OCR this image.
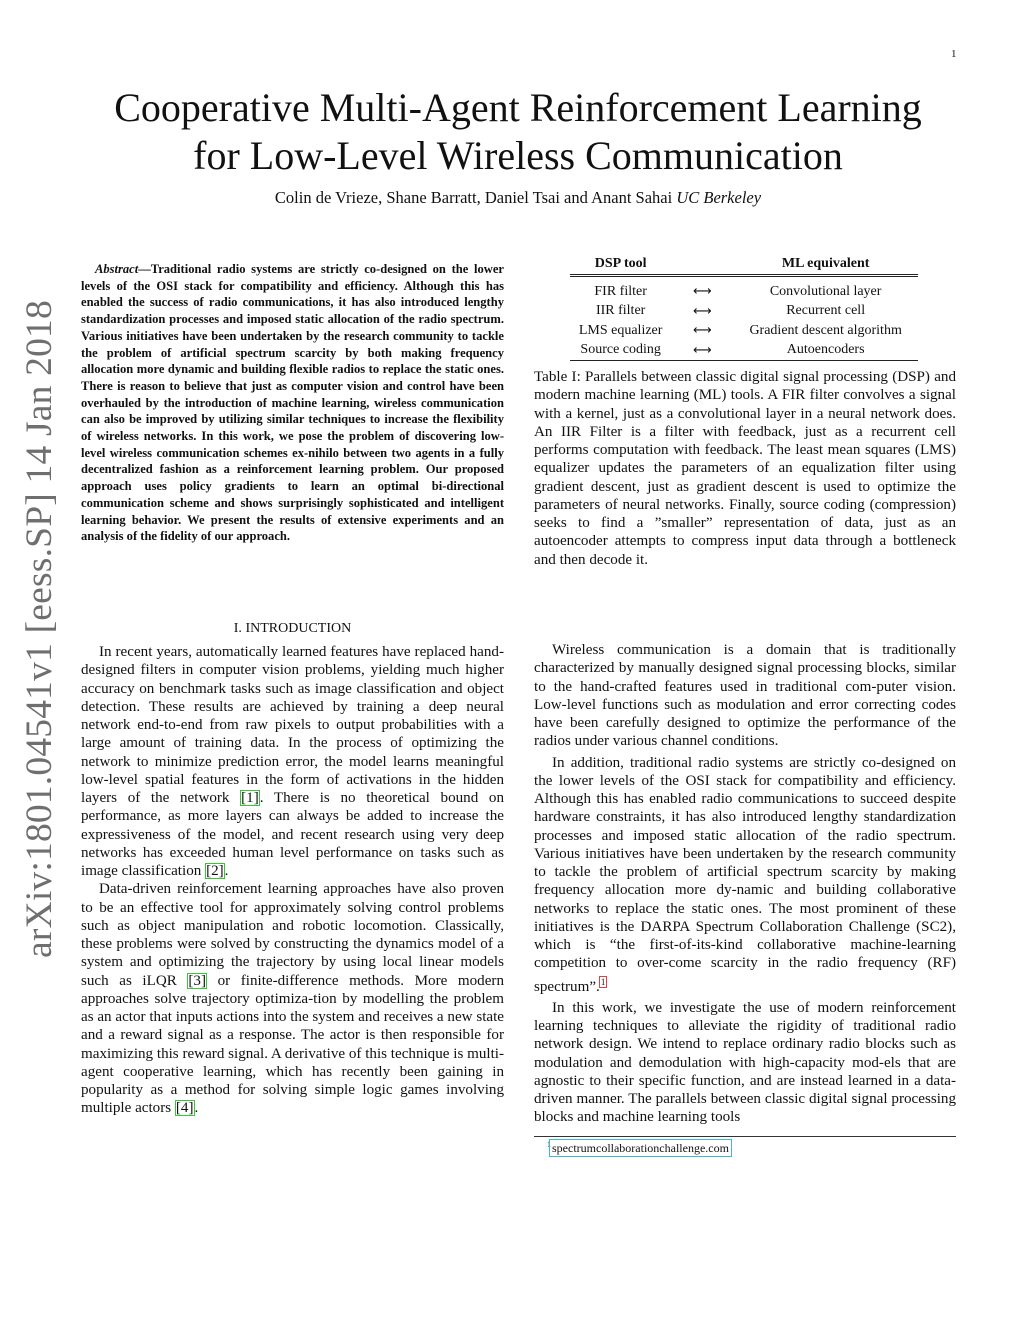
1
arXiv:1801.04541v1 [eess.SP] 14 Jan 2018
Cooperative Multi-Agent Reinforcement Learning
for Low-Level Wireless Communication
Colin de Vrieze, Shane Barratt, Daniel Tsai and Anant Sahai UC Berkeley
Abstract—Traditional radio systems are strictly co-designed on the lower levels of the OSI stack for compatibility and efficiency. Although this has enabled the success of radio communications, it has also introduced lengthy standardization processes and imposed static allocation of the radio spectrum. Various initiatives have been undertaken by the research community to tackle the problem of artificial spectrum scarcity by both making frequency allocation more dynamic and building flexible radios to replace the static ones. There is reason to believe that just as computer vision and control have been overhauled by the introduction of machine learning, wireless communication can also be improved by utilizing similar techniques to increase the flexibility of wireless networks. In this work, we pose the problem of discovering low-level wireless communication schemes ex-nihilo between two agents in a fully decentralized fashion as a reinforcement learning problem. Our proposed approach uses policy gradients to learn an optimal bi-directional communication scheme and shows surprisingly sophisticated and intelligent learning behavior. We present the results of extensive experiments and an analysis of the fidelity of our approach.
I. INTRODUCTION

In recent years, automatically learned features have replaced hand-designed filters in computer vision problems, yielding much higher accuracy on benchmark tasks such as image classification and object detection. These results are achieved by training a deep neural network end-to-end from raw pixels to output probabilities with a large amount of training data. In the process of optimizing the network to minimize prediction error, the model learns meaningful low-level spatial features in the form of activations in the hidden layers of the network [1]. There is no theoretical bound on performance, as more layers can always be added to increase the expressiveness of the model, and recent research using very deep networks has exceeded human level performance on tasks such as image classification [2].

Data-driven reinforcement learning approaches have also proven to be an effective tool for approximately solving control problems such as object manipulation and robotic locomotion. Classically, these problems were solved by constructing the dynamics model of a system and optimizing the trajectory by using local linear models such as iLQR [3] or finite-difference methods. More modern approaches solve trajectory optimiza-tion by modelling the problem as an actor that inputs actions into the system and receives a new state and a reward signal as a response. The actor is then responsible for maximizing this reward signal. A derivative of this technique is multi-agent cooperative learning, which has recently been gaining in popularity as a method for solving simple logic games involving multiple actors [4].

DSP tool		ML equivalent
FIR filter	⟷	Convolutional layer
IIR filter	⟷	Recurrent cell
LMS equalizer	⟷	Gradient descent algorithm
Source coding	⟷	Autoencoders

Table I: Parallels between classic digital signal processing (DSP) and modern machine learning (ML) tools. A FIR filter convolves a signal with a kernel, just as a convolutional layer in a neural network does. An IIR Filter is a filter with feedback, just as a recurrent cell performs computation with feedback. The least mean squares (LMS) equalizer updates the parameters of an equalization filter using gradient descent, just as gradient descent is used to optimize the parameters of neural networks. Finally, source coding (compression) seeks to find a ”smaller” representation of data, just as an autoencoder attempts to compress input data through a bottleneck and then decode it.

Wireless communication is a domain that is traditionally characterized by manually designed signal processing blocks, similar to the hand-crafted features used in traditional com-puter vision. Low-level functions such as modulation and error correcting codes have been carefully designed to optimize the performance of the radios under various channel conditions.

In addition, traditional radio systems are strictly co-designed on the lower levels of the OSI stack for compatibility and efficiency. Although this has enabled radio communications to succeed despite hardware constraints, it has also introduced lengthy standardization processes and imposed static allocation of the radio spectrum. Various initiatives have been undertaken by the research community to tackle the problem of artificial spectrum scarcity by making frequency allocation more dy-namic and building collaborative networks to replace the static ones. The most prominent of these initiatives is the DARPA Spectrum Collaboration Challenge (SC2), which is “the first-of-its-kind collaborative machine-learning competition to over-come scarcity in the radio frequency (RF) spectrum”.$^1$

In this work, we investigate the use of modern reinforcement learning techniques to alleviate the rigidity of traditional radio network design. We intend to replace ordinary radio blocks such as modulation and demodulation with high-capacity mod-els that are agnostic to their specific function, and are instead learned in a data-driven manner. The parallels between classic digital signal processing blocks and machine learning tools

$^1$spectrumcollaborationchallenge.com
